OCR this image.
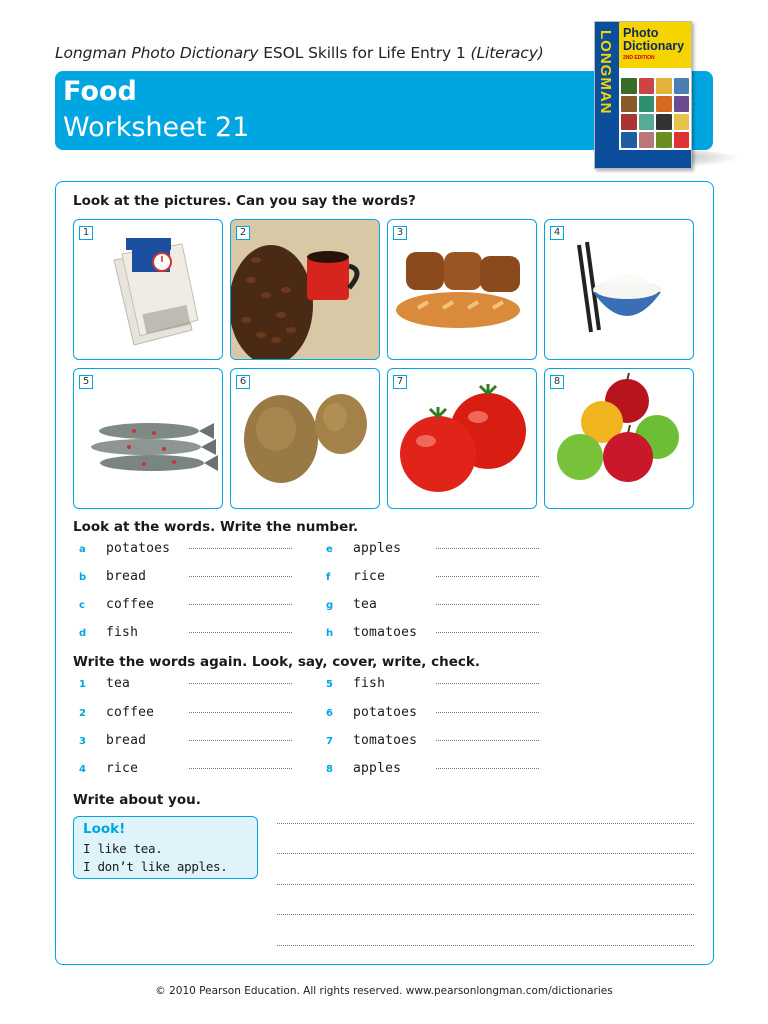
Longman Photo Dictionary ESOL Skills for Life Entry 1 (Literacy)
Food
Worksheet 21
LONGMAN Photo
Dictionary
2ND EDITION
Look at the pictures. Can you say the words?
1	2	3	4
5	6	7	8
Look at the words. Write the number.
a potatoes
b bread
c coffee
d fish
e apples
f rice
g tea
h tomatoes
Write the words again. Look, say, cover, write, check.
1 tea
2 coffee
3 bread
4 rice
5 fish
6 potatoes
7 tomatoes
8 apples
Write about you.
Look!
I like tea.
I don’t like apples.
© 2010 Pearson Education. All rights reserved. www.pearsonlongman.com/dictionaries
